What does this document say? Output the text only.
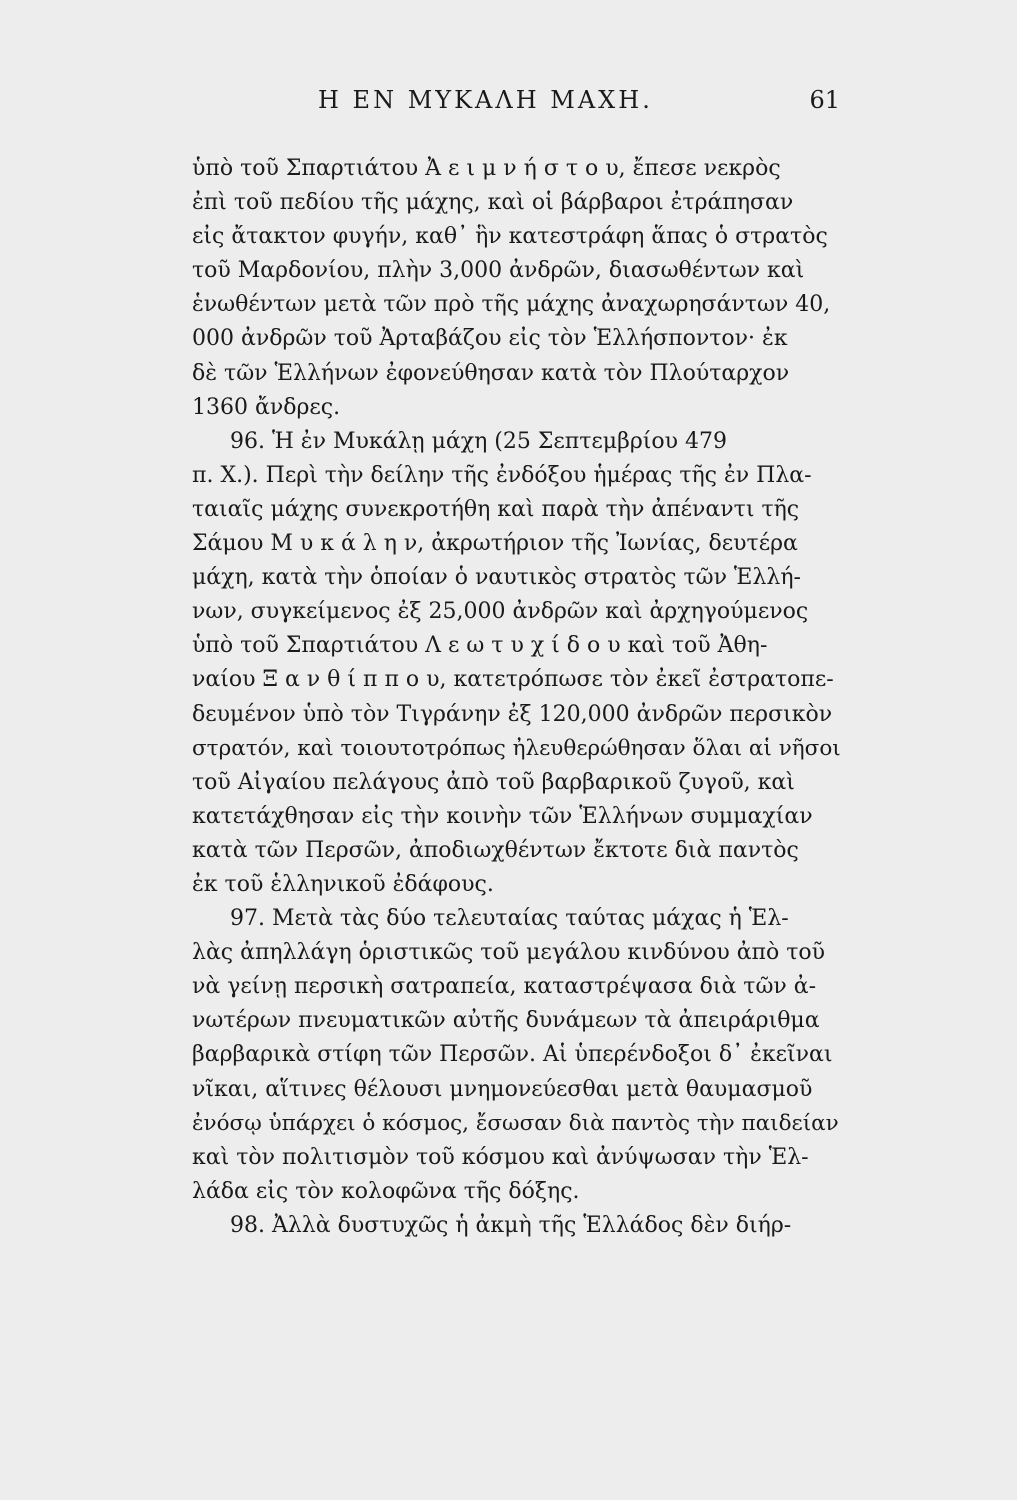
Η ΕΝ ΜΥΚΑΛΗ ΜΑΧΗ.	61
ὑπὸ τοῦ Σπαρτιάτου Ἀ ε ι μ ν ή σ τ ο υ, ἔπεσε νεκρὸς
ἐπὶ τοῦ πεδίου τῆς μάχης, καὶ οἱ βάρβαροι ἐτράπησαν
εἰς ἄτακτον φυγήν, καθ᾽ ἣν κατεστράφη ἅπας ὁ στρατὸς
τοῦ Μαρδονίου, πλὴν 3,000 ἀνδρῶν, διασωθέντων καὶ
ἑνωθέντων μετὰ τῶν πρὸ τῆς μάχης ἀναχωρησάντων 40,
000 ἀνδρῶν τοῦ Ἀρταβάζου εἰς τὸν Ἑλλήσποντον· ἐκ
δὲ τῶν Ἑλλήνων ἐφονεύθησαν κατὰ τὸν Πλούταρχον
1360 ἄνδρες.
96. Ἡ ἐν Μυκάλῃ μάχη (25 Σεπτεμβρίου 479
π. Χ.). Περὶ τὴν δείλην τῆς ἐνδόξου ἡμέρας τῆς ἐν Πλα-
ταιαῖς μάχης συνεκροτήθη καὶ παρὰ τὴν ἀπέναντι τῆς
Σάμου Μ υ κ ά λ η ν, ἀκρωτήριον τῆς Ἰωνίας, δευτέρα
μάχη, κατὰ τὴν ὁποίαν ὁ ναυτικὸς στρατὸς τῶν Ἑλλή-
νων, συγκείμενος ἐξ 25,000 ἀνδρῶν καὶ ἀρχηγούμενος
ὑπὸ τοῦ Σπαρτιάτου Λ ε ω τ υ χ ί δ ο υ καὶ τοῦ Ἀθη-
ναίου Ξ α ν θ ί π π ο υ, κατετρόπωσε τὸν ἐκεῖ ἐστρατοπε-
δευμένον ὑπὸ τὸν Τιγράνην ἐξ 120,000 ἀνδρῶν περσικὸν
στρατόν, καὶ τοιουτοτρόπως ἠλευθερώθησαν ὅλαι αἱ νῆσοι
τοῦ Αἰγαίου πελάγους ἀπὸ τοῦ βαρβαρικοῦ ζυγοῦ, καὶ
κατετάχθησαν εἰς τὴν κοινὴν τῶν Ἑλλήνων συμμαχίαν
κατὰ τῶν Περσῶν, ἀποδιωχθέντων ἔκτοτε διὰ παντὸς
ἐκ τοῦ ἑλληνικοῦ ἐδάφους.
97. Μετὰ τὰς δύο τελευταίας ταύτας μάχας ἡ Ἑλ-
λὰς ἀπηλλάγη ὁριστικῶς τοῦ μεγάλου κινδύνου ἀπὸ τοῦ
νὰ γείνῃ περσικὴ σατραπεία, καταστρέψασα διὰ τῶν ἀ-
νωτέρων πνευματικῶν αὐτῆς δυνάμεων τὰ ἀπειράριθμα
βαρβαρικὰ στίφη τῶν Περσῶν. Αἱ ὑπερένδοξοι δ᾽ ἐκεῖναι
νῖκαι, αἵτινες θέλουσι μνημονεύεσθαι μετὰ θαυμασμοῦ
ἐνόσῳ ὑπάρχει ὁ κόσμος, ἔσωσαν διὰ παντὸς τὴν παιδείαν
καὶ τὸν πολιτισμὸν τοῦ κόσμου καὶ ἀνύψωσαν τὴν Ἑλ-
λάδα εἰς τὸν κολοφῶνα τῆς δόξης.
98. Ἀλλὰ δυστυχῶς ἡ ἀκμὴ τῆς Ἑλλάδος δὲν διήρ-
